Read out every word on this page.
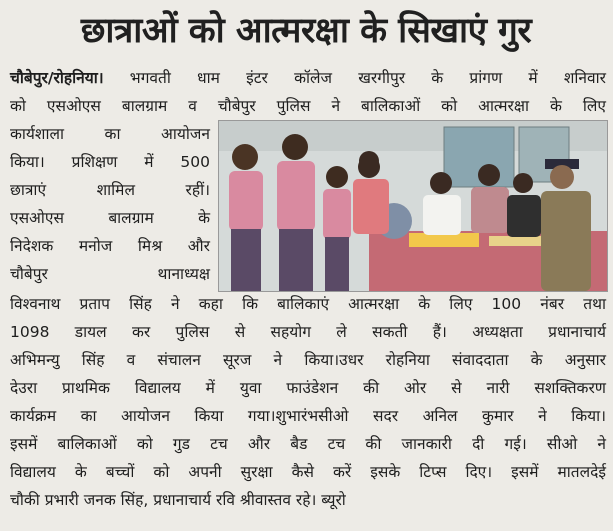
छात्राओं को आत्मरक्षा के सिखाएं गुर
चौबेपुर/रोहनिया। भगवती धाम इंटर कॉलेज खरगीपुर के प्रांगण में शनिवार
को एसओएस बालग्राम व चौबेपुर पुलिस ने बालिकाओं को आत्मरक्षा के लिए
कार्यशाला का आयोजन
किया। प्रशिक्षण में 500
छात्राएं शामिल रहीं।
एसओएस बालग्राम के
निदेशक मनोज मिश्र और
चौबेपुर थानाध्यक्ष
विश्वनाथ प्रताप सिंह ने कहा कि बालिकाएं आत्मरक्षा के लिए 100 नंबर तथा
1098 डायल कर पुलिस से सहयोग ले सकती हैं। अध्यक्षता प्रधानाचार्य
अभिमन्यु सिंह व संचालन सूरज ने किया।उधर रोहनिया संवाददाता के अनुसार
देउरा प्राथमिक विद्यालय में युवा फाउंडेशन की ओर से नारी सशक्तिकरण
कार्यक्रम का आयोजन किया गया।शुभारंभसीओ सदर अनिल कुमार ने किया।
इसमें बालिकाओं को गुड टच और बैड टच की जानकारी दी गई। सीओ ने
विद्यालय के बच्चों को अपनी सुरक्षा कैसे करें इसके टिप्स दिए। इसमें मातलदेई
चौकी प्रभारी जनक सिंह, प्रधानाचार्य रवि श्रीवास्तव रहे। ब्यूरो
